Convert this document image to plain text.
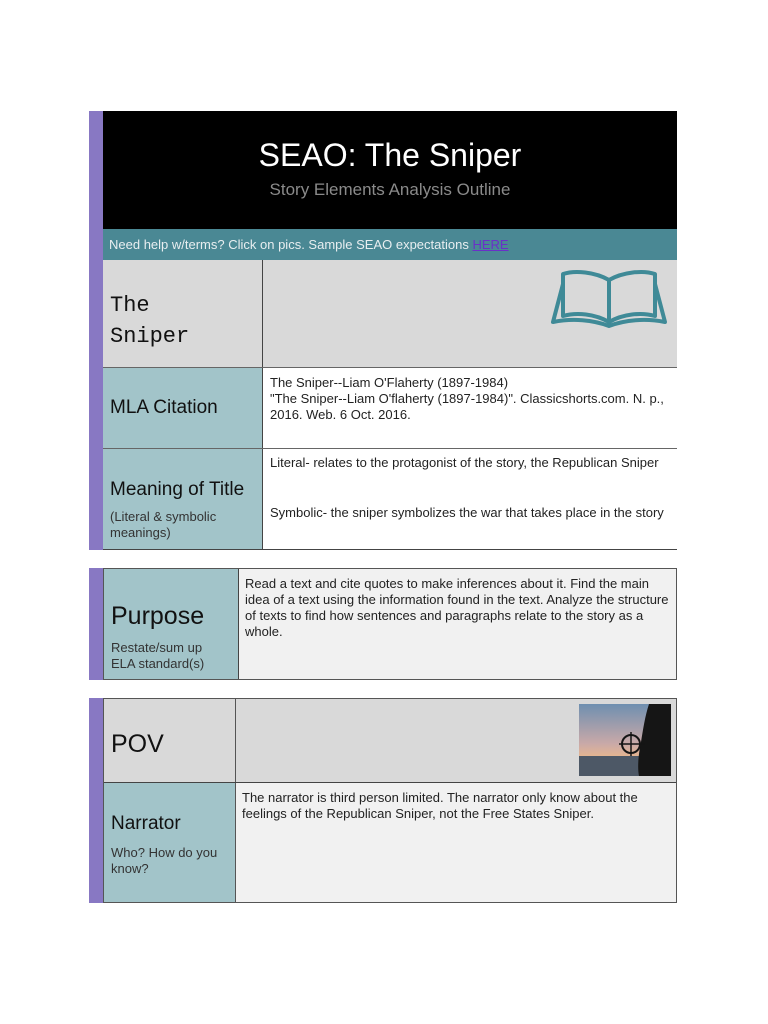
SEAO: The Sniper
Story Elements Analysis Outline
Need help w/terms? Click on pics. Sample SEAO expectations HERE
The Sniper
MLA Citation
The Sniper--Liam O'Flaherty (1897-1984)
"The Sniper--Liam O'flaherty (1897-1984)". Classicshorts.com. N. p., 2016. Web. 6 Oct. 2016.
Meaning of Title
(Literal & symbolic meanings)
Literal- relates to the protagonist of the story, the Republican Sniper
Symbolic- the sniper symbolizes the war that takes place in the story
Purpose
Restate/sum up ELA standard(s)
Read a text and cite quotes to make inferences about it. Find the main idea of a text using the information found in the text. Analyze the structure of texts to find how sentences and paragraphs relate to the story as a whole.
POV
Narrator
Who? How do you know?
The narrator is third person limited. The narrator only know about the feelings of the Republican Sniper, not the Free States Sniper.
